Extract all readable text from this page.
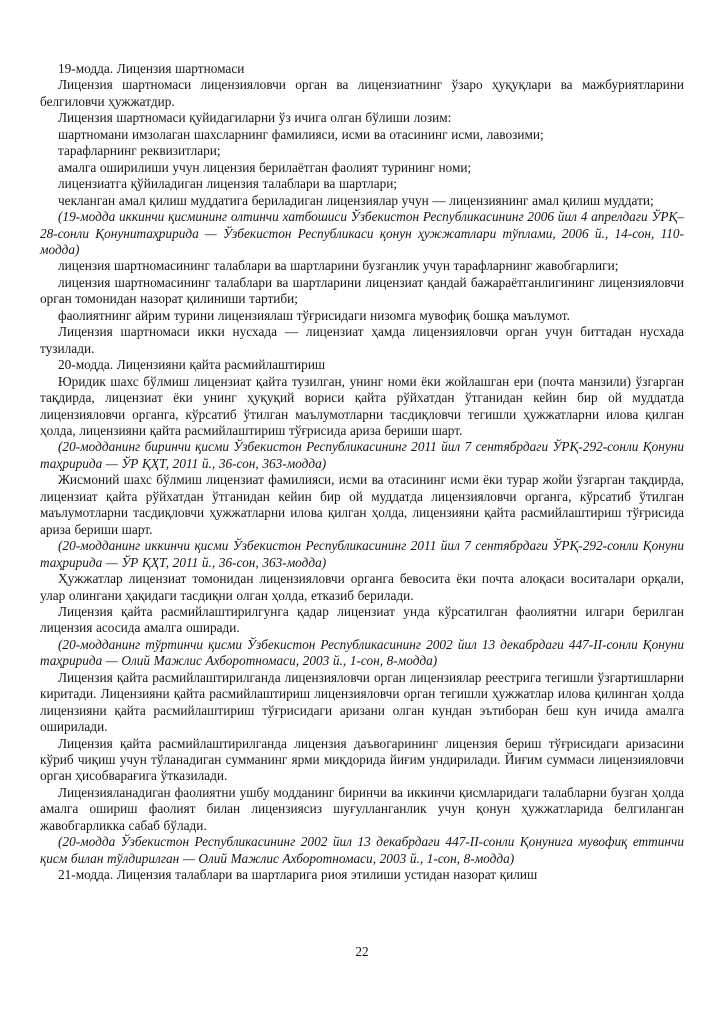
19-модда. Лицензия шартномаси

Лицензия шартномаси лицензияловчи орган ва лицензиатнинг ўзаро ҳуқуқлари ва мажбуриятларини белгиловчи ҳужжатдир.

Лицензия шартномаси қуйидагиларни ўз ичига олган бўлиши лозим:

шартномани имзолаган шахсларнинг фамилияси, исми ва отасининг исми, лавозими;

тарафларнинг реквизитлари;

амалга оширилиши учун лицензия берилаётган фаолият турининг номи;

лицензиатга қўйиладиган лицензия талаблари ва шартлари;

чекланган амал қилиш муддатига бериладиган лицензиялар учун — лицензиянинг амал қилиш муддати;

(19-модда иккинчи қисмининг олтинчи хатбошиси Ўзбекистон Республикасининг 2006 йил 4 апрелдаги ЎРҚ–28-сонли Қонунитаҳририда — Ўзбекистон Республикаси қонун ҳужжатлари тўплами, 2006 й., 14-сон, 110-модда)

лицензия шартномасининг талаблари ва шартларини бузганлик учун тарафларнинг жавобгарлиги;

лицензия шартномасининг талаблари ва шартларини лицензиат қандай бажараётганлигининг лицензияловчи орган томонидан назорат қилиниши тартиби;

фаолиятнинг айрим турини лицензиялаш тўғрисидаги низомга мувофиқ бошқа маълумот.

Лицензия шартномаси икки нусхада — лицензиат ҳамда лицензияловчи орган учун биттадан нусхада тузилади.

20-модда. Лицензияни қайта расмийлаштириш

Юридик шахс бўлмиш лицензиат қайта тузилган, унинг номи ёки жойлашган ери (почта манзили) ўзгарган тақдирда, лицензиат ёки унинг ҳуқуқий вориси қайта рўйхатдан ўтганидан кейин бир ой муддатда лицензияловчи органга, кўрсатиб ўтилган маълумотларни тасдиқловчи тегишли ҳужжатларни илова қилган ҳолда, лицензияни қайта расмийлаштириш тўғрисида ариза бериши шарт.

(20-модданинг биринчи қисми Ўзбекистон Республикасининг 2011 йил 7 сентябрдаги ЎРҚ-292-сонли Қонуни таҳририда — ЎР ҚҲТ, 2011 й., 36-сон, 363-модда)

Жисмоний шахс бўлмиш лицензиат фамилияси, исми ва отасининг исми ёки турар жойи ўзгарган тақдирда, лицензиат қайта рўйхатдан ўтганидан кейин бир ой муддатда лицензияловчи органга, кўрсатиб ўтилган маълумотларни тасдиқловчи ҳужжатларни илова қилган ҳолда, лицензияни қайта расмийлаштириш тўғрисида ариза бериши шарт.

(20-модданинг иккинчи қисми Ўзбекистон Республикасининг 2011 йил 7 сентябрдаги ЎРҚ-292-сонли Қонуни таҳририда — ЎР ҚҲТ, 2011 й., 36-сон, 363-модда)

Ҳужжатлар лицензиат томонидан лицензияловчи органга бевосита ёки почта алоқаси воситалари орқали, улар олингани ҳақидаги тасдиқни олган ҳолда, етказиб берилади.

Лицензия қайта расмийлаштирилгунга қадар лицензиат унда кўрсатилган фаолиятни илгари берилган лицензия асосида амалга оширади.

(20-модданинг тўртинчи қисми Ўзбекистон Республикасининг 2002 йил 13 декабрдаги 447-II-сонли Қонуни таҳририда — Олий Мажлис Ахборотномаси, 2003 й., 1-сон, 8-модда)

Лицензия қайта расмийлаштирилганда лицензияловчи орган лицензиялар реестрига тегишли ўзгартишларни киритади. Лицензияни қайта расмийлаштириш лицензияловчи орган тегишли ҳужжатлар илова қилинган ҳолда лицензияни қайта расмийлаштириш тўғрисидаги аризани олган кундан эътиборан беш кун ичида амалга оширилади.

Лицензия қайта расмийлаштирилганда лицензия даъвогарининг лицензия бериш тўғрисидаги аризасини кўриб чиқиш учун тўланадиган сумманинг ярми миқдорида йиғим ундирилади. Йиғим суммаси лицензияловчи орган ҳисобварағига ўтказилади.

Лицензияланадиган фаолиятни ушбу модданинг биринчи ва иккинчи қисмларидаги талабларни бузган ҳолда амалга ошириш фаолият билан лицензиясиз шуғулланганлик учун қонун ҳужжатларида белгиланган жавобгарликка сабаб бўлади.

(20-модда Ўзбекистон Республикасининг 2002 йил 13 декабрдаги 447-II-сонли Қонунига мувофиқ еттинчи қисм билан тўлдирилган — Олий Мажлис Ахборотномаси, 2003 й., 1-сон, 8-модда)

21-модда. Лицензия талаблари ва шартларига риоя этилиши устидан назорат қилиш

22
